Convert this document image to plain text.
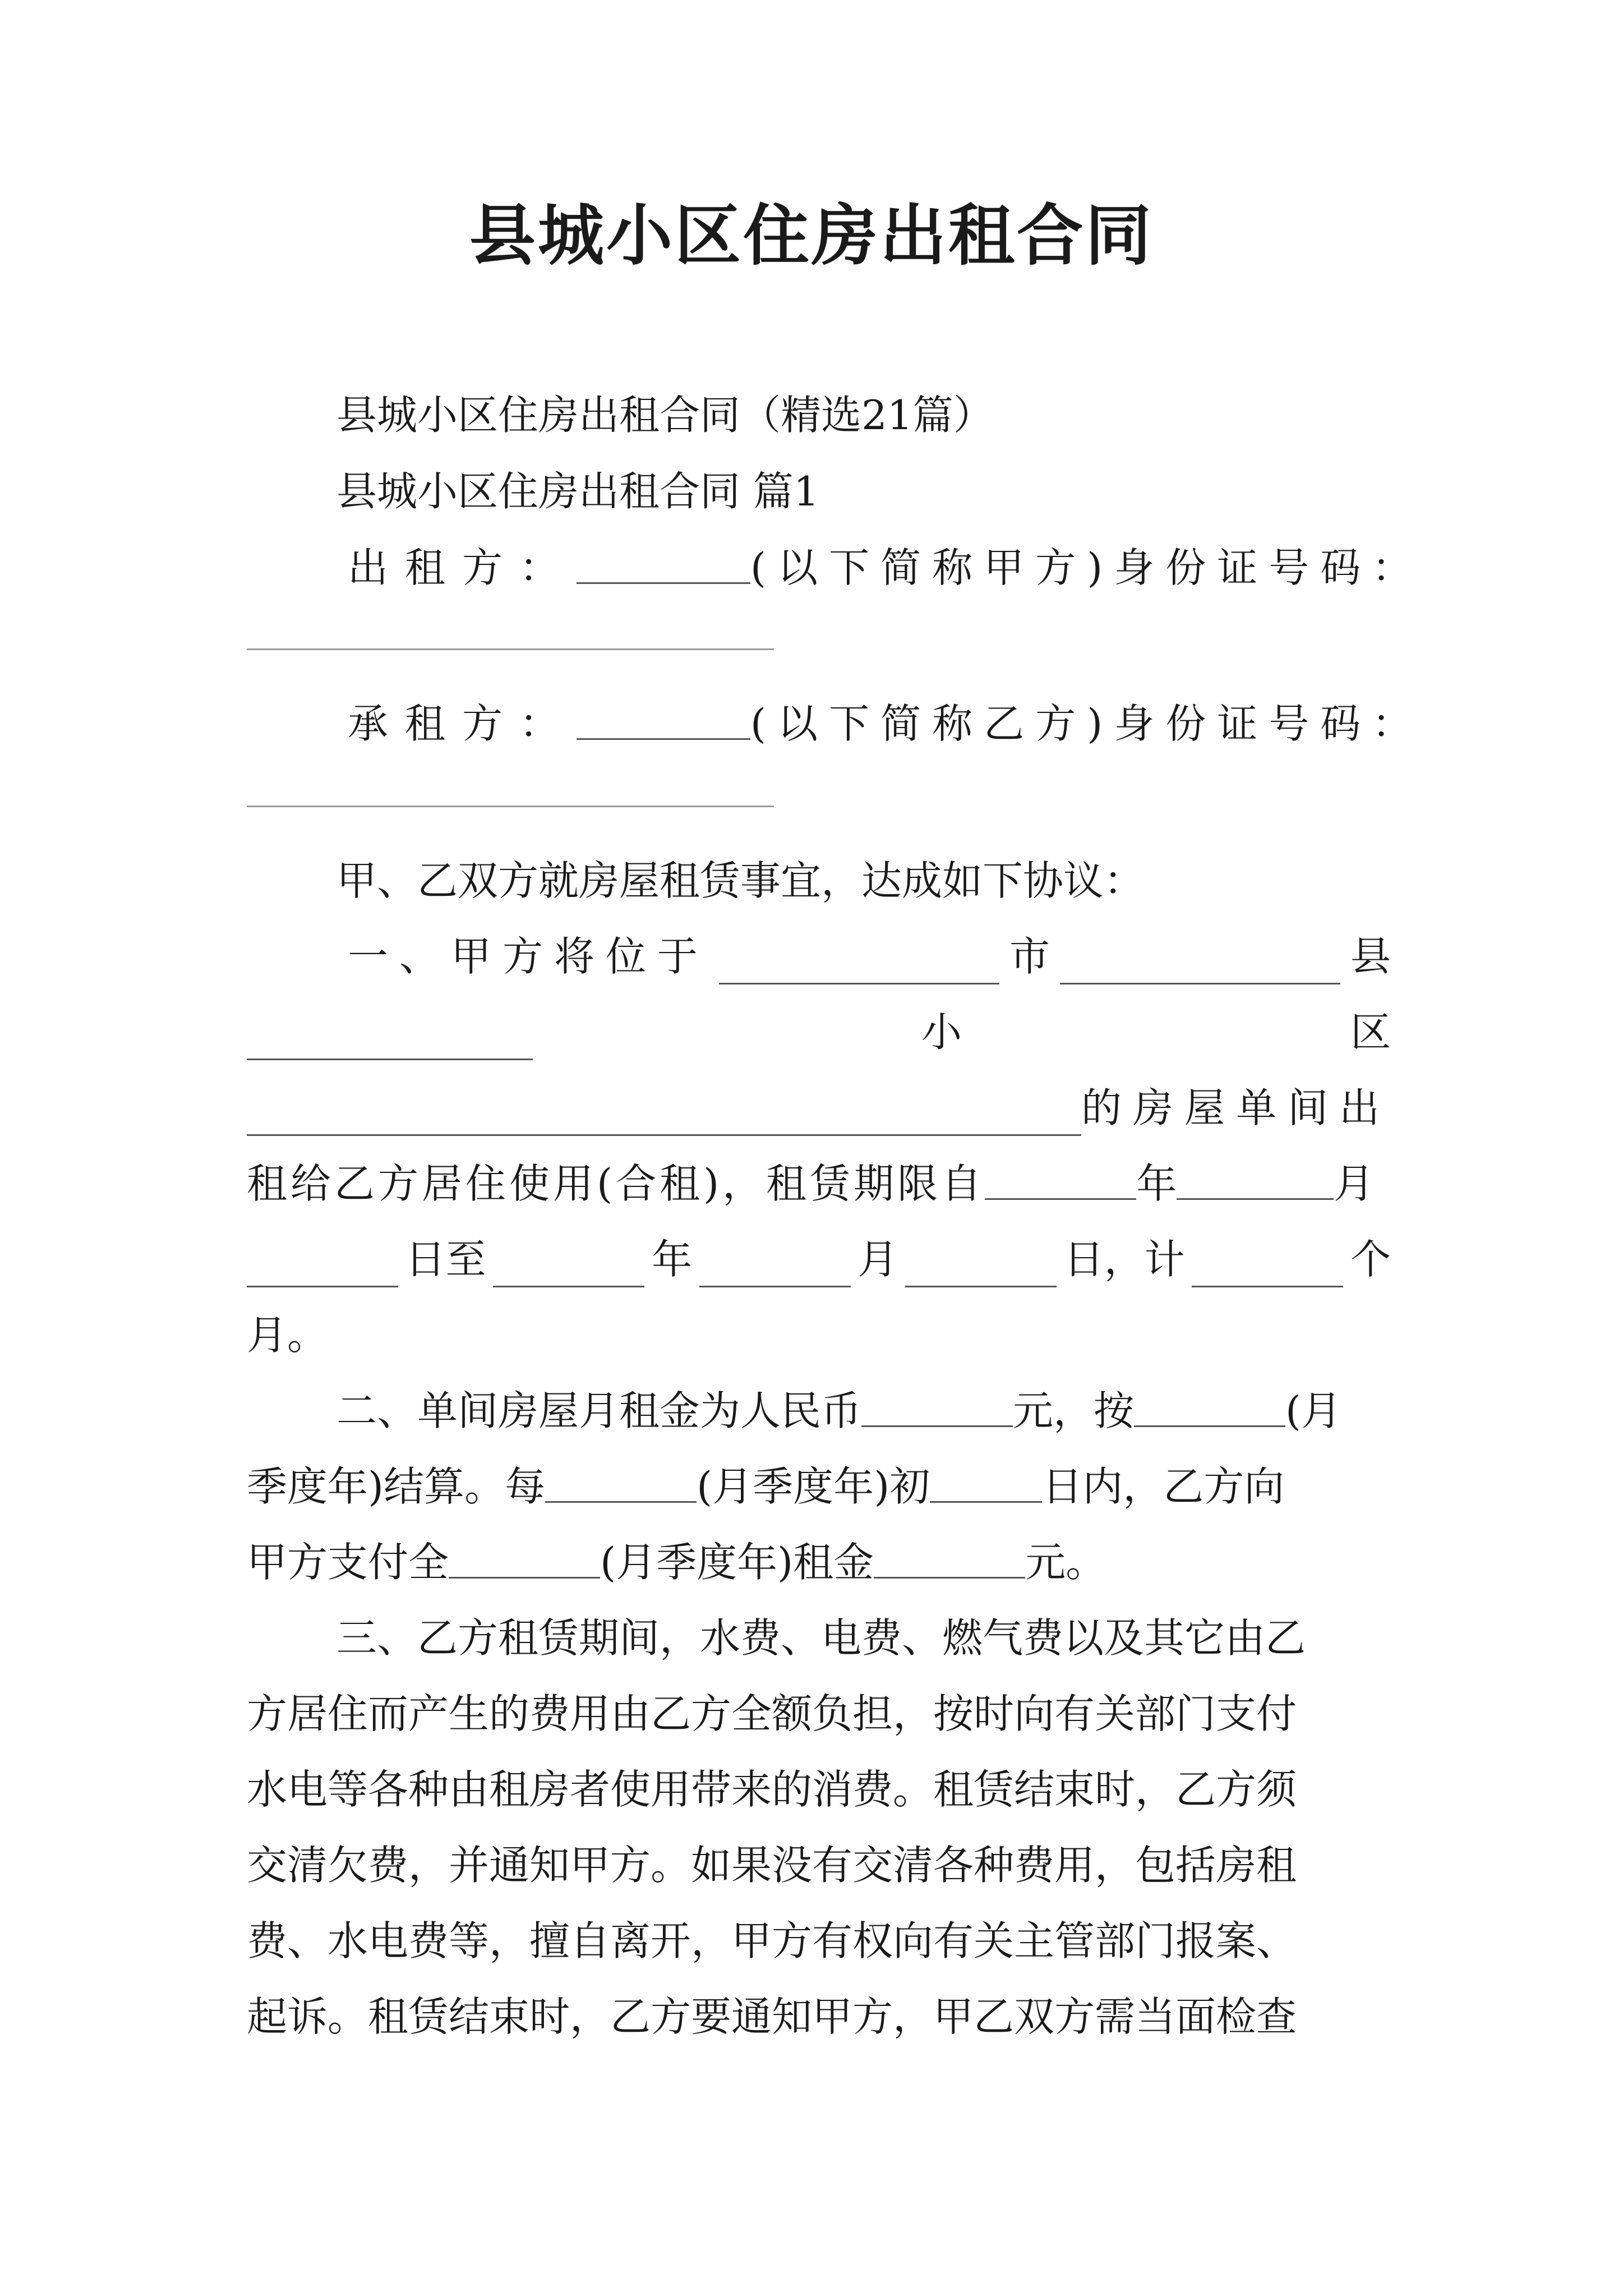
县城小区住房出租合同
县城小区住房出租合同（精选21篇）
县城小区住房出租合同 篇1
出租方：	(以下简称甲方)身份证号码：
承租方：	(以下简称乙方)身份证号码：
甲、乙双方就房屋租赁事宜，达成如下协议：
一、甲方将位于	市	县
小	区
的房屋单间出
租给乙方居住使用(合租)，租赁期限自	年	月
日至	年	月	日，计	个
月。
二、单间房屋月租金为人民币	元，按	(月
季度年)结算。每	(月季度年)初	日内，乙方向
甲方支付全	(月季度年)租金	元。
三、乙方租赁期间，水费、电费、燃气费以及其它由乙
方居住而产生的费用由乙方全额负担，按时向有关部门支付
水电等各种由租房者使用带来的消费。租赁结束时，乙方须
交清欠费，并通知甲方。如果没有交清各种费用，包括房租
费、水电费等，擅自离开，甲方有权向有关主管部门报案、
起诉。租赁结束时，乙方要通知甲方，甲乙双方需当面检查
